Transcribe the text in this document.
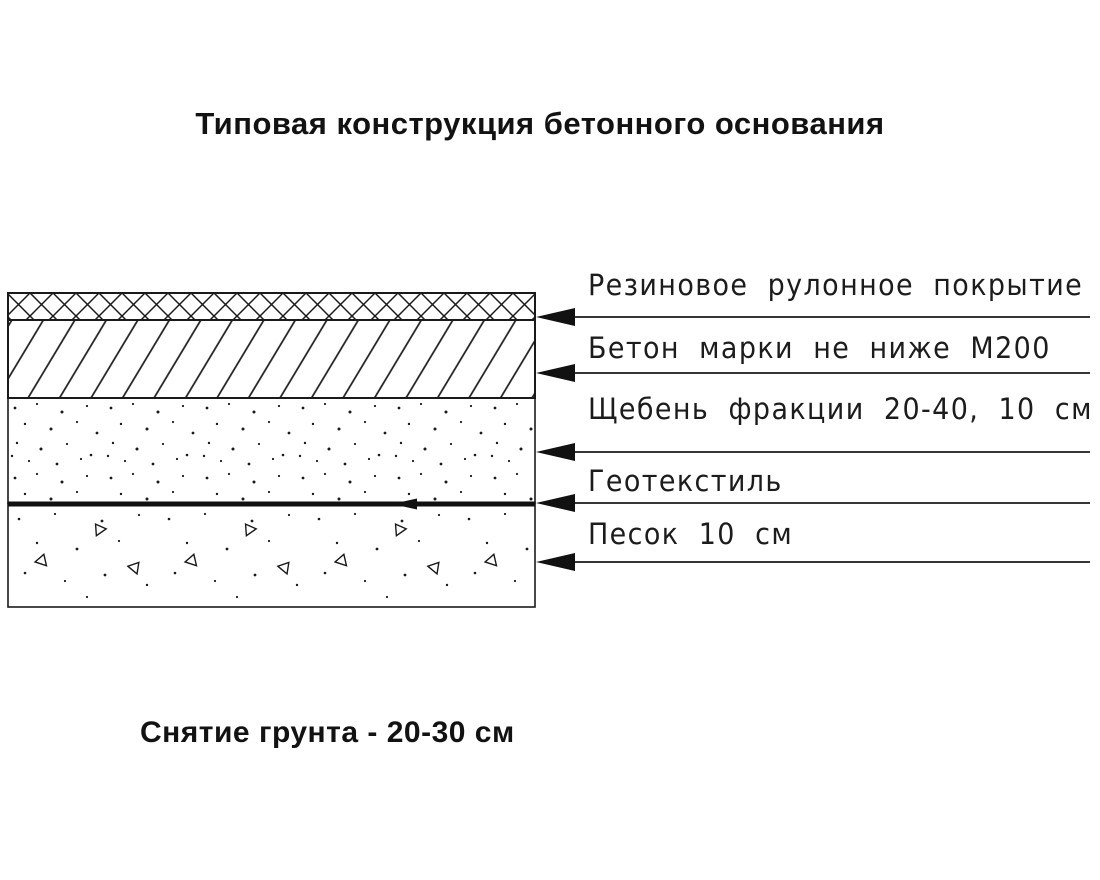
Типовая конструкция бетонного основания
Резиновое рулонное покрытие
Бетон марки не ниже М200
Щебень фракции 20-40, 10 см
Геотекстиль
Песок 10 см
Снятие грунта - 20-30 см
